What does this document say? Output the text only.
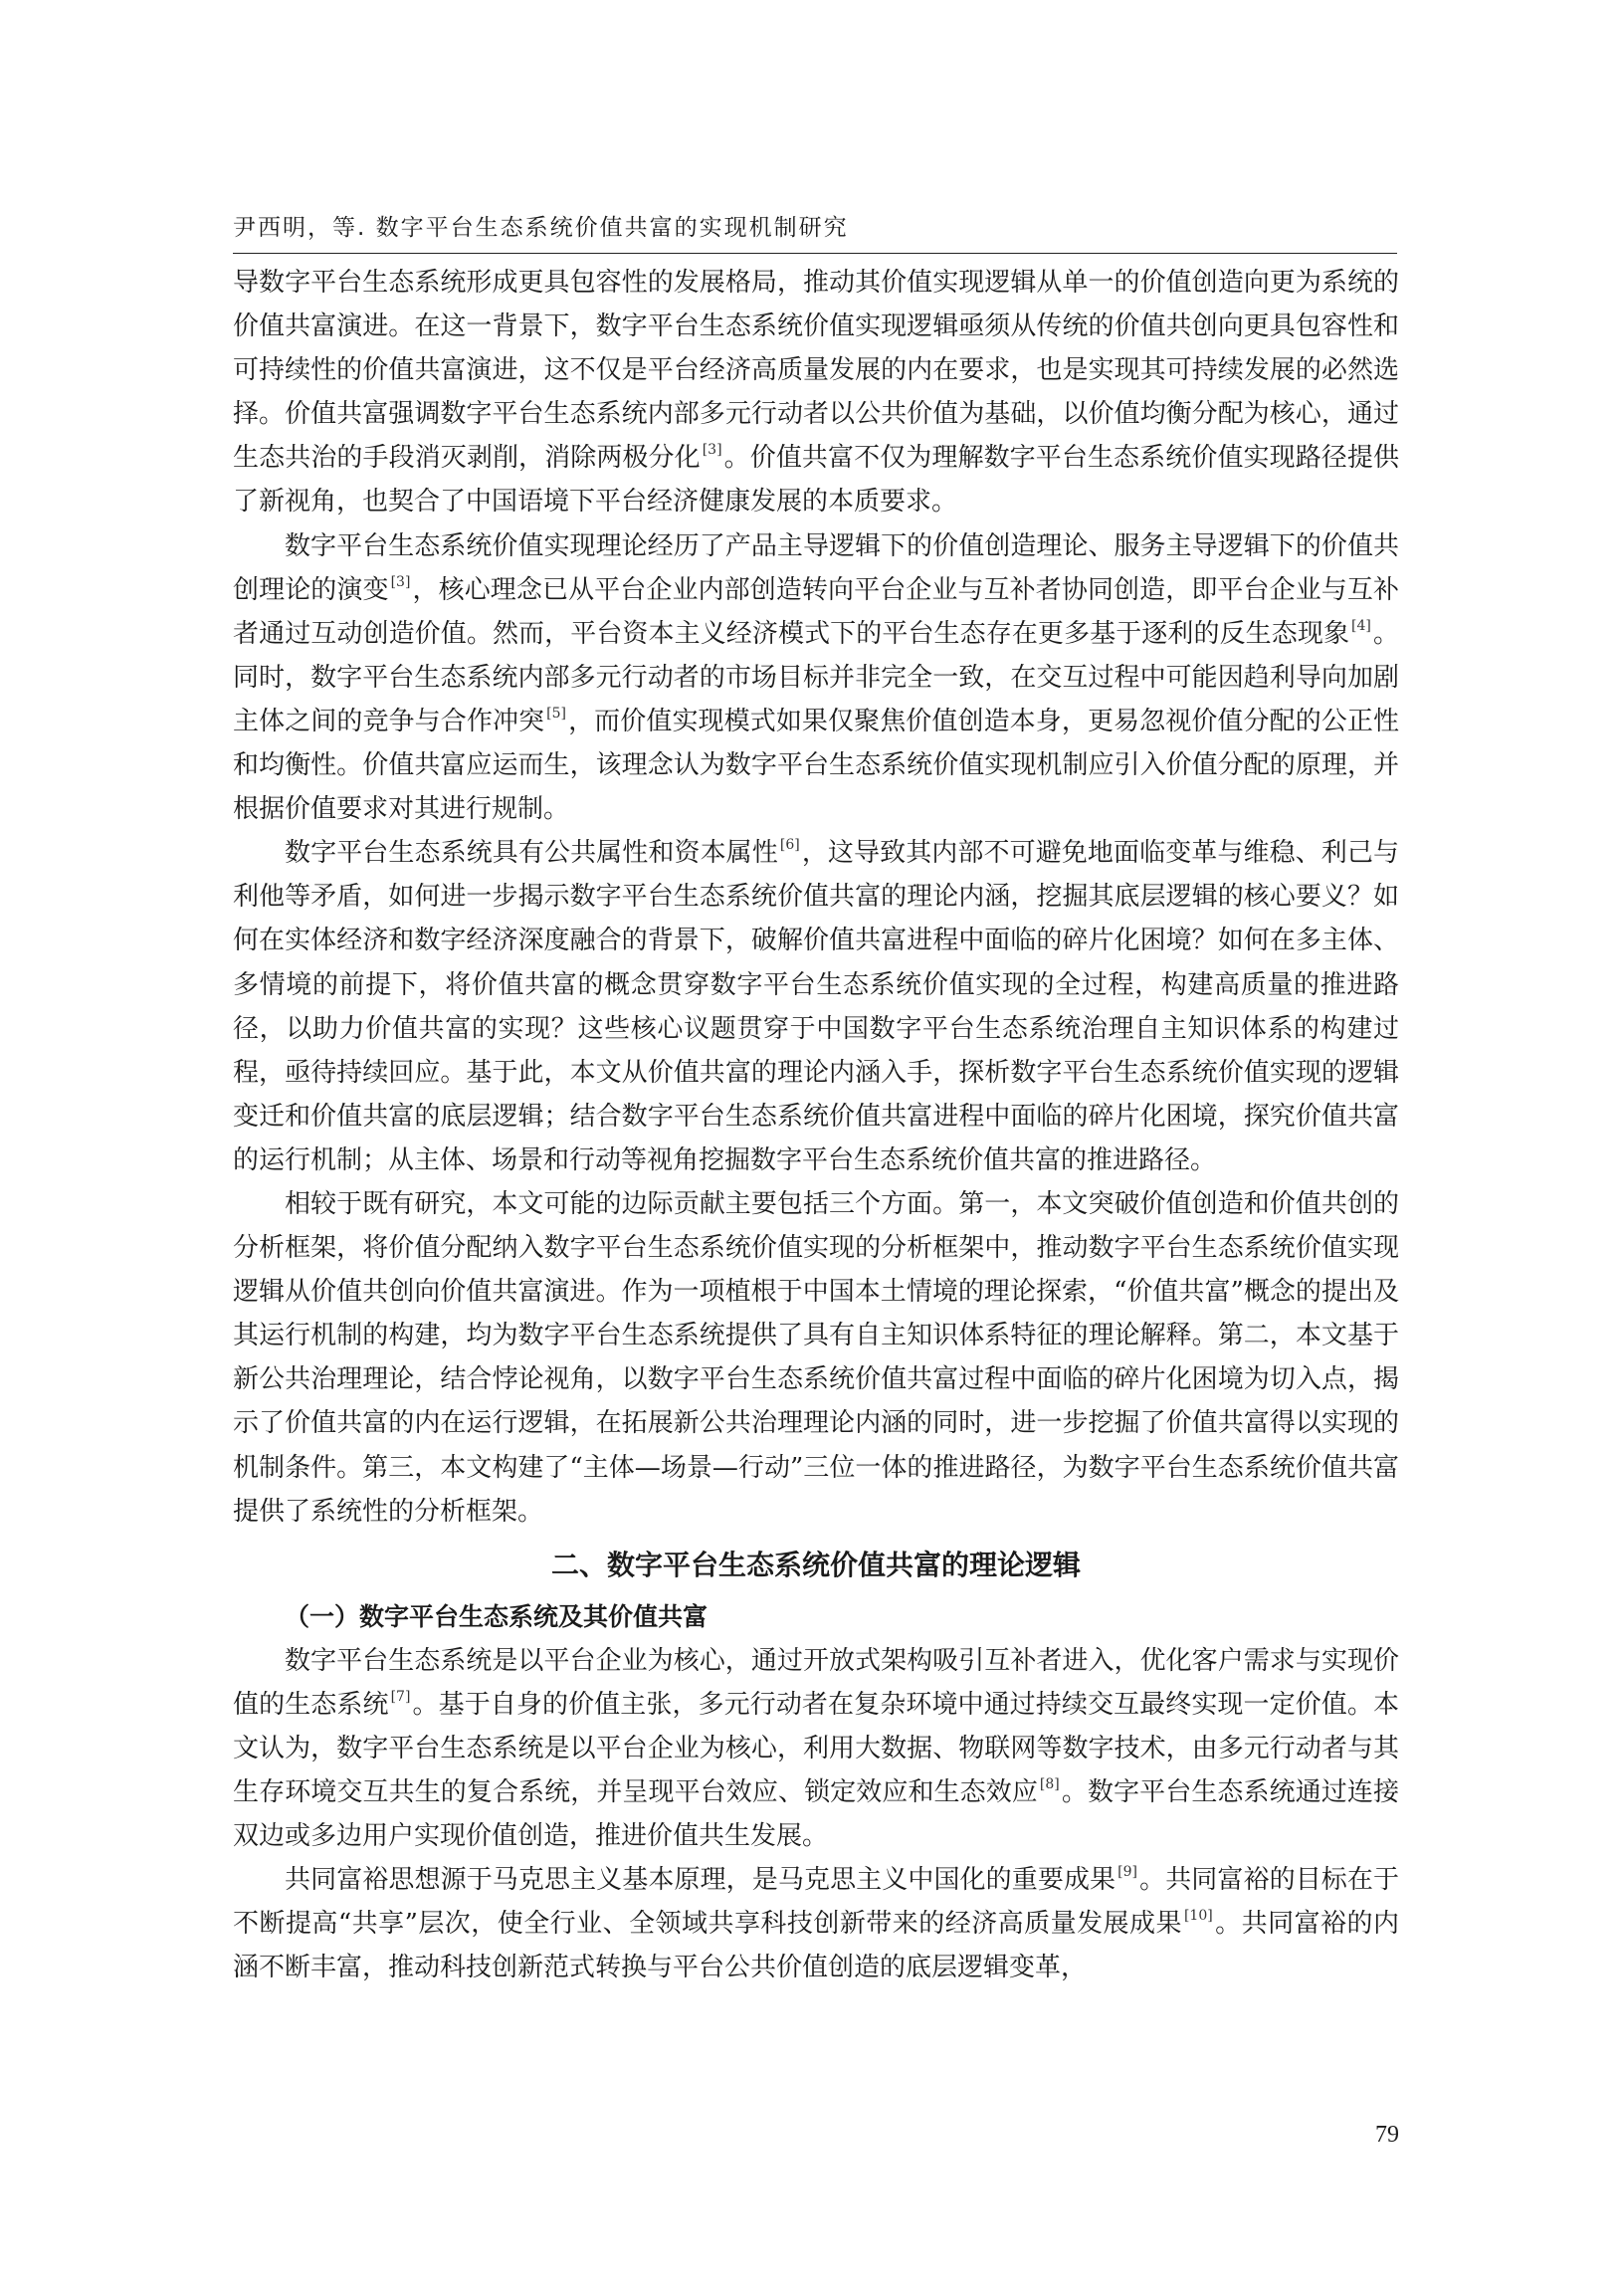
尹西明，等. 数字平台生态系统价值共富的实现机制研究

导数字平台生态系统形成更具包容性的发展格局，推动其价值实现逻辑从单一的价值创造向更为系统的价值共富演进。在这一背景下，数字平台生态系统价值实现逻辑亟须从传统的价值共创向更具包容性和可持续性的价值共富演进，这不仅是平台经济高质量发展的内在要求，也是实现其可持续发展的必然选择。价值共富强调数字平台生态系统内部多元行动者以公共价值为基础，以价值均衡分配为核心，通过生态共治的手段消灭剥削，消除两极分化 [3]。价值共富不仅为理解数字平台生态系统价值实现路径提供了新视角，也契合了中国语境下平台经济健康发展的本质要求。

数字平台生态系统价值实现理论经历了产品主导逻辑下的价值创造理论、服务主导逻辑下的价值共创理论的演变 [3]，核心理念已从平台企业内部创造转向平台企业与互补者协同创造，即平台企业与互补者通过互动创造价值。然而，平台资本主义经济模式下的平台生态存在更多基于逐利的反生态现象 [4]。同时，数字平台生态系统内部多元行动者的市场目标并非完全一致，在交互过程中可能因趋利导向加剧主体之间的竞争与合作冲突 [5]，而价值实现模式如果仅聚焦价值创造本身，更易忽视价值分配的公正性和均衡性。价值共富应运而生，该理念认为数字平台生态系统价值实现机制应引入价值分配的原理，并根据价值要求对其进行规制。

数字平台生态系统具有公共属性和资本属性 [6]，这导致其内部不可避免地面临变革与维稳、利己与利他等矛盾，如何进一步揭示数字平台生态系统价值共富的理论内涵，挖掘其底层逻辑的核心要义？如何在实体经济和数字经济深度融合的背景下，破解价值共富进程中面临的碎片化困境？如何在多主体、多情境的前提下，将价值共富的概念贯穿数字平台生态系统价值实现的全过程，构建高质量的推进路径，以助力价值共富的实现？这些核心议题贯穿于中国数字平台生态系统治理自主知识体系的构建过程，亟待持续回应。基于此，本文从价值共富的理论内涵入手，探析数字平台生态系统价值实现的逻辑变迁和价值共富的底层逻辑；结合数字平台生态系统价值共富进程中面临的碎片化困境，探究价值共富的运行机制；从主体、场景和行动等视角挖掘数字平台生态系统价值共富的推进路径。

相较于既有研究，本文可能的边际贡献主要包括三个方面。第一，本文突破价值创造和价值共创的分析框架，将价值分配纳入数字平台生态系统价值实现的分析框架中，推动数字平台生态系统价值实现逻辑从价值共创向价值共富演进。作为一项植根于中国本土情境的理论探索，“价值共富”概念的提出及其运行机制的构建，均为数字平台生态系统提供了具有自主知识体系特征的理论解释。第二，本文基于新公共治理理论，结合悖论视角，以数字平台生态系统价值共富过程中面临的碎片化困境为切入点，揭示了价值共富的内在运行逻辑，在拓展新公共治理理论内涵的同时，进一步挖掘了价值共富得以实现的机制条件。第三，本文构建了“主体—场景—行动”三位一体的推进路径，为数字平台生态系统价值共富提供了系统性的分析框架。

二、数字平台生态系统价值共富的理论逻辑
（一）数字平台生态系统及其价值共富

数字平台生态系统是以平台企业为核心，通过开放式架构吸引互补者进入，优化客户需求与实现价值的生态系统 [7]。基于自身的价值主张，多元行动者在复杂环境中通过持续交互最终实现一定价值。本文认为，数字平台生态系统是以平台企业为核心，利用大数据、物联网等数字技术，由多元行动者与其生存环境交互共生的复合系统，并呈现平台效应、锁定效应和生态效应 [8]。数字平台生态系统通过连接双边或多边用户实现价值创造，推进价值共生发展。

共同富裕思想源于马克思主义基本原理，是马克思主义中国化的重要成果 [9]。共同富裕的目标在于不断提高“共享”层次，使全行业、全领域共享科技创新带来的经济高质量发展成果 [10]。共同富裕的内涵不断丰富，推动科技创新范式转换与平台公共价值创造的底层逻辑变革，

79
